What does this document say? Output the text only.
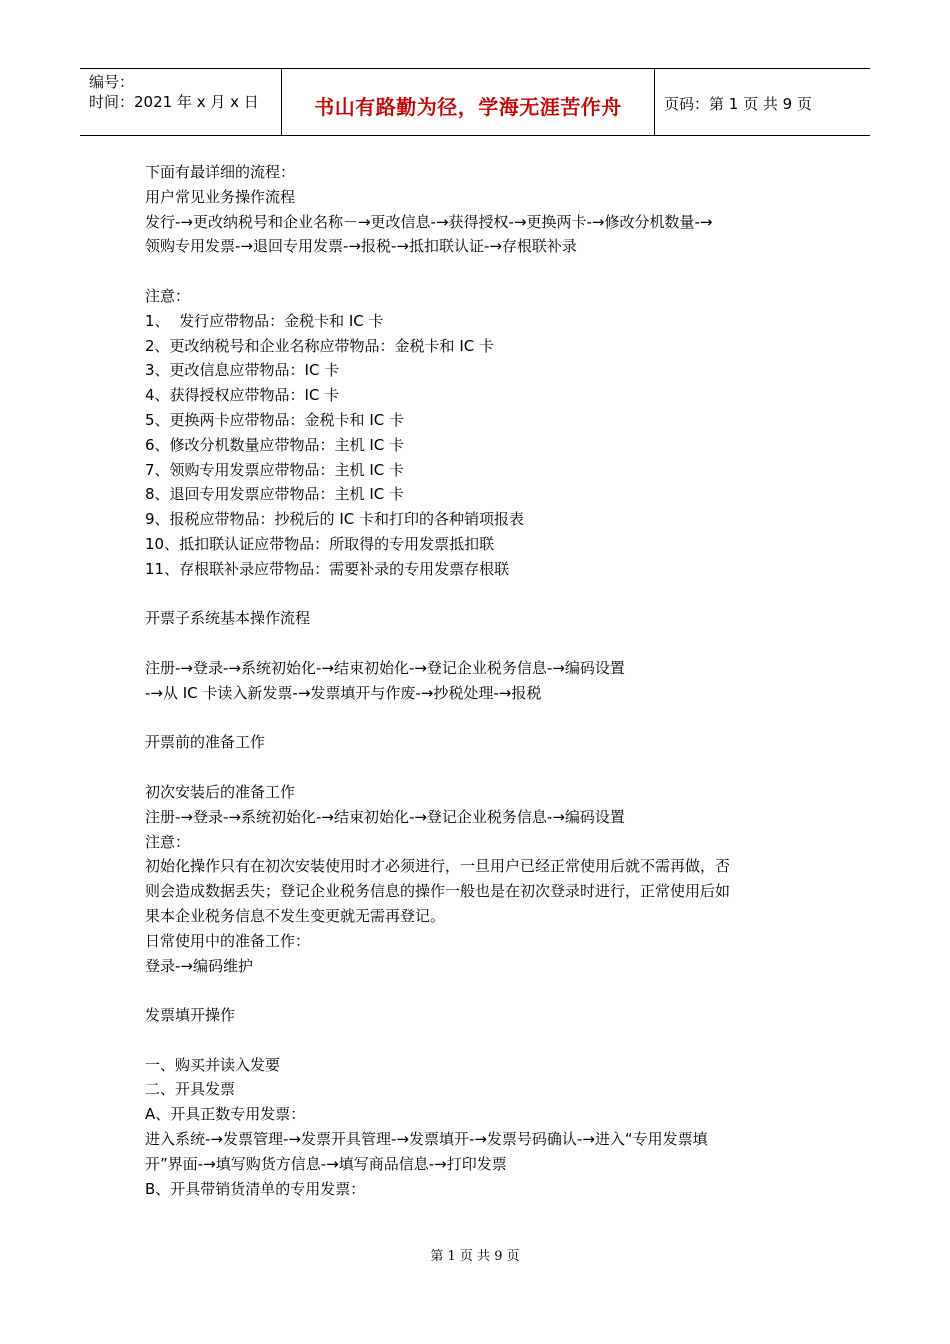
编号：
时间：2021 年 x 月 x 日	书山有路勤为径，学海无涯苦作舟	页码：第 1 页 共 9 页
下面有最详细的流程：
用户常见业务操作流程
发行-→更改纳税号和企业名称－→更改信息-→获得授权-→更换两卡-→修改分机数量-→
领购专用发票-→退回专用发票-→报税-→抵扣联认证-→存根联补录
注意：
1、  发行应带物品：金税卡和 IC 卡
2、更改纳税号和企业名称应带物品：金税卡和 IC 卡
3、更改信息应带物品：IC 卡
4、获得授权应带物品：IC 卡
5、更换两卡应带物品：金税卡和 IC 卡
6、修改分机数量应带物品：主机 IC 卡
7、领购专用发票应带物品：主机 IC 卡
8、退回专用发票应带物品：主机 IC 卡
9、报税应带物品：抄税后的 IC 卡和打印的各种销项报表
10、抵扣联认证应带物品：所取得的专用发票抵扣联
11、存根联补录应带物品：需要补录的专用发票存根联
开票子系统基本操作流程
注册-→登录-→系统初始化-→结束初始化-→登记企业税务信息-→编码设置
-→从 IC 卡读入新发票-→发票填开与作废-→抄税处理-→报税
开票前的准备工作
初次安装后的准备工作
注册-→登录-→系统初始化-→结束初始化-→登记企业税务信息-→编码设置
注意：
初始化操作只有在初次安装使用时才必须进行，一旦用户已经正常使用后就不需再做，否
则会造成数据丢失；登记企业税务信息的操作一般也是在初次登录时进行，正常使用后如
果本企业税务信息不发生变更就无需再登记。
日常使用中的准备工作：
登录-→编码维护
发票填开操作
一、购买并读入发要
二、开具发票
A、开具正数专用发票：
进入系统-→发票管理-→发票开具管理-→发票填开-→发票号码确认-→进入“专用发票填
开”界面-→填写购货方信息-→填写商品信息-→打印发票
B、开具带销货清单的专用发票：
第 1 页 共 9 页
